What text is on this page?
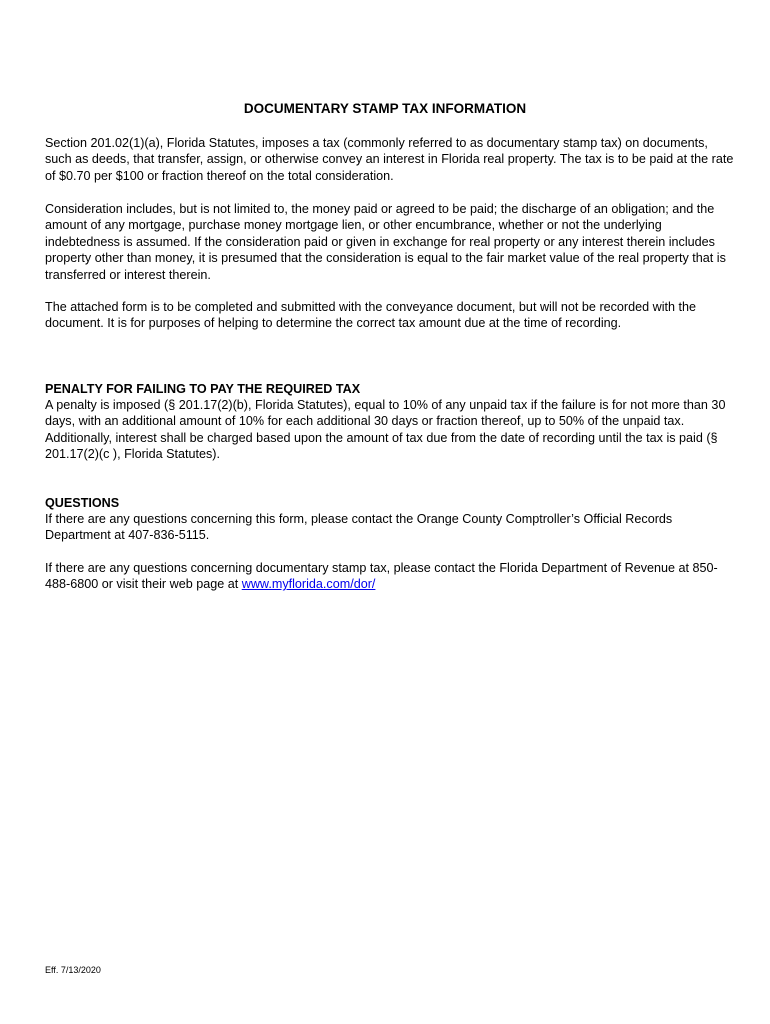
DOCUMENTARY STAMP TAX INFORMATION

Section 201.02(1)(a), Florida Statutes, imposes a tax (commonly referred to as documentary stamp tax) on documents, such as deeds, that transfer, assign, or otherwise convey an interest in Florida real property. The tax is to be paid at the rate of $0.70 per $100 or fraction thereof on the total consideration.

Consideration includes, but is not limited to, the money paid or agreed to be paid; the discharge of an obligation; and the amount of any mortgage, purchase money mortgage lien, or other encumbrance, whether or not the underlying indebtedness is assumed. If the consideration paid or given in exchange for real property or any interest therein includes property other than money, it is presumed that the consideration is equal to the fair market value of the real property that is transferred or interest therein.

The attached form is to be completed and submitted with the conveyance document, but will not be recorded with the document. It is for purposes of helping to determine the correct tax amount due at the time of recording.

PENALTY FOR FAILING TO PAY THE REQUIRED TAX

A penalty is imposed (§ 201.17(2)(b), Florida Statutes), equal to 10% of any unpaid tax if the failure is for not more than 30 days, with an additional amount of 10% for each additional 30 days or fraction thereof, up to 50% of the unpaid tax. Additionally, interest shall be charged based upon the amount of tax due from the date of recording until the tax is paid (§ 201.17(2)(c ), Florida Statutes).

QUESTIONS

If there are any questions concerning this form, please contact the Orange County Comptroller’s Official Records Department at 407-836-5115.

If there are any questions concerning documentary stamp tax, please contact the Florida Department of Revenue at 850-488-6800 or visit their web page at www.myflorida.com/dor/

Eff. 7/13/2020
